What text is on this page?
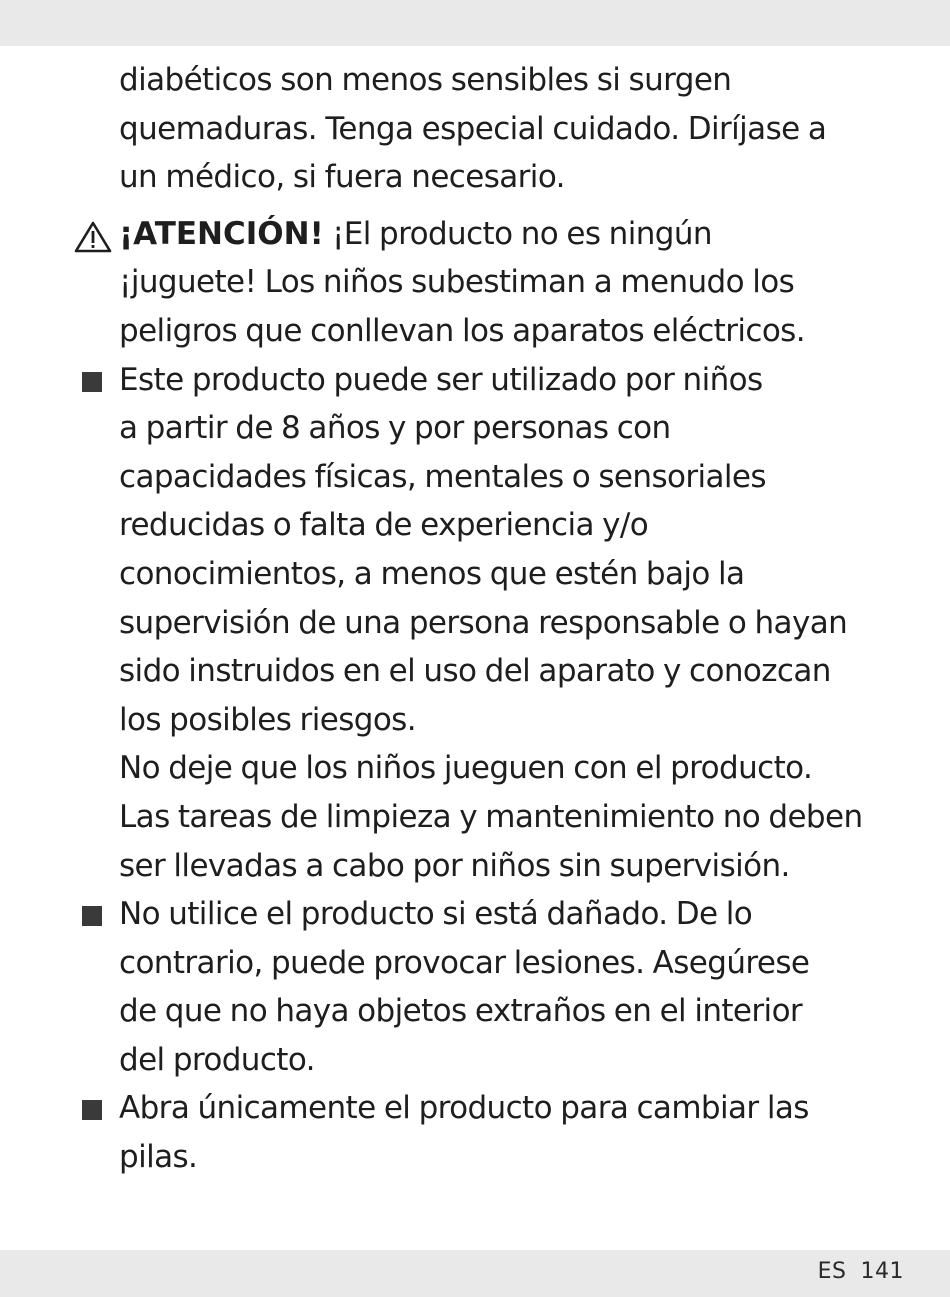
diabéticos son menos sensibles si surgen
quemaduras. Tenga especial cuidado. Diríjase a
un médico, si fuera necesario.

¡ATENCIÓN! ¡El producto no es ningún
¡juguete! Los niños subestiman a menudo los
peligros que conllevan los aparatos eléctricos.

Este producto puede ser utilizado por niños
a partir de 8 años y por personas con
capacidades físicas, mentales o sensoriales
reducidas o falta de experiencia y/o
conocimientos, a menos que estén bajo la
supervisión de una persona responsable o hayan
sido instruidos en el uso del aparato y conozcan
los posibles riesgos.
No deje que los niños jueguen con el producto.
Las tareas de limpieza y mantenimiento no deben
ser llevadas a cabo por niños sin supervisión.

No utilice el producto si está dañado. De lo
contrario, puede provocar lesiones. Asegúrese
de que no haya objetos extraños en el interior
del producto.

Abra únicamente el producto para cambiar las
pilas.

ES 141
